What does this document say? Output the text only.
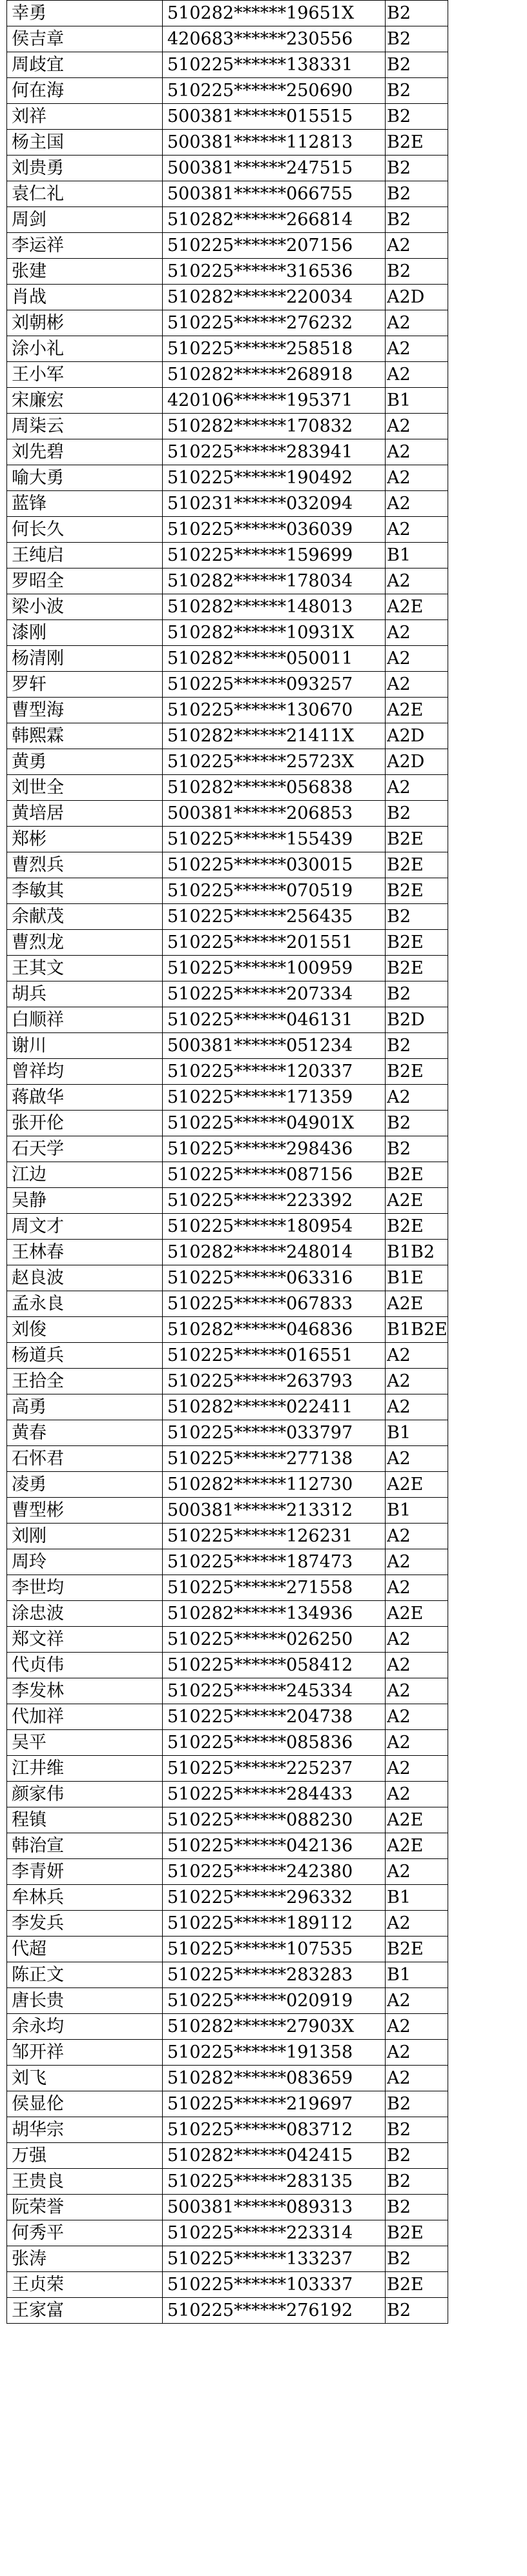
幸勇	510282******19651X	B2
侯吉章	420683******230556	B2
周歧宜	510225******138331	B2
何在海	510225******250690	B2
刘祥	500381******015515	B2
杨主国	500381******112813	B2E
刘贵勇	500381******247515	B2
袁仁礼	500381******066755	B2
周剑	510282******266814	B2
李运祥	510225******207156	A2
张建	510225******316536	B2
肖战	510282******220034	A2D
刘朝彬	510225******276232	A2
涂小礼	510225******258518	A2
王小军	510282******268918	A2
宋廉宏	420106******195371	B1
周柒云	510282******170832	A2
刘先碧	510225******283941	A2
喻大勇	510225******190492	A2
蓝锋	510231******032094	A2
何长久	510225******036039	A2
王纯启	510225******159699	B1
罗昭全	510282******178034	A2
梁小波	510282******148013	A2E
漆刚	510282******10931X	A2
杨清刚	510282******050011	A2
罗轩	510225******093257	A2
曹型海	510225******130670	A2E
韩熙霖	510282******21411X	A2D
黄勇	510225******25723X	A2D
刘世全	510282******056838	A2
黄培居	500381******206853	B2
郑彬	510225******155439	B2E
曹烈兵	510225******030015	B2E
李敏其	510225******070519	B2E
余献茂	510225******256435	B2
曹烈龙	510225******201551	B2E
王其文	510225******100959	B2E
胡兵	510225******207334	B2
白顺祥	510225******046131	B2D
谢川	500381******051234	B2
曾祥均	510225******120337	B2E
蒋啟华	510225******171359	A2
张开伦	510225******04901X	B2
石天学	510225******298436	B2
江边	510225******087156	B2E
吴静	510225******223392	A2E
周文才	510225******180954	B2E
王林春	510282******248014	B1B2
赵良波	510225******063316	B1E
孟永良	510225******067833	A2E
刘俊	510282******046836	B1B2E
杨道兵	510225******016551	A2
王拾全	510225******263793	A2
高勇	510282******022411	A2
黄春	510225******033797	B1
石怀君	510225******277138	A2
凌勇	510282******112730	A2E
曹型彬	500381******213312	B1
刘刚	510225******126231	A2
周玲	510225******187473	A2
李世均	510225******271558	A2
涂忠波	510282******134936	A2E
郑文祥	510225******026250	A2
代贞伟	510225******058412	A2
李发林	510225******245334	A2
代加祥	510225******204738	A2
吴平	510225******085836	A2
江井维	510225******225237	A2
颜家伟	510225******284433	A2
程镇	510225******088230	A2E
韩治宣	510225******042136	A2E
李青妍	510225******242380	A2
牟林兵	510225******296332	B1
李发兵	510225******189112	A2
代超	510225******107535	B2E
陈正文	510225******283283	B1
唐长贵	510225******020919	A2
余永均	510282******27903X	A2
邹开祥	510225******191358	A2
刘飞	510282******083659	A2
侯显伦	510225******219697	B2
胡华宗	510225******083712	B2
万强	510282******042415	B2
王贵良	510225******283135	B2
阮荣誉	500381******089313	B2
何秀平	510225******223314	B2E
张涛	510225******133237	B2
王贞荣	510225******103337	B2E
王家富	510225******276192	B2
